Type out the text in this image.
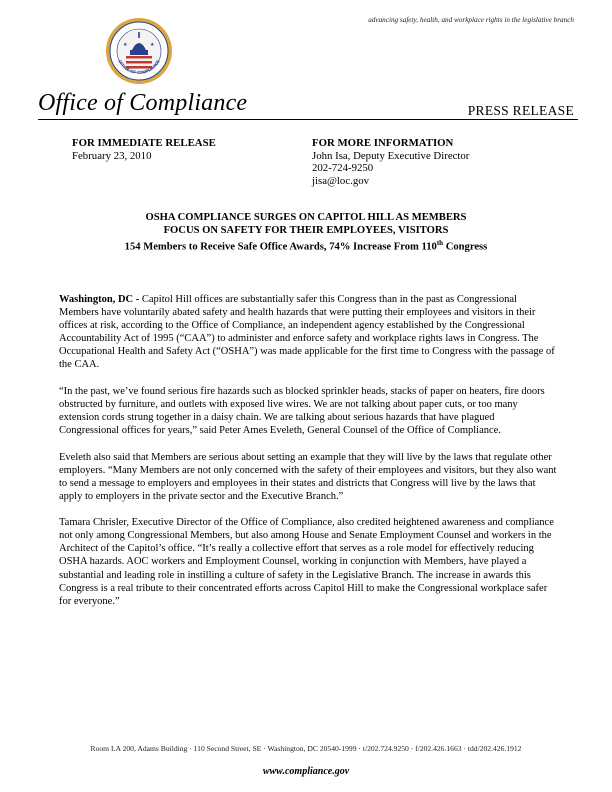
advancing safety, health, and workplace rights in the legislative branch
★	★
OFFICE OF COMPLIANCE
Office of Compliance	PRESS RELEASE
FOR IMMEDIATE RELEASE
February 23, 2010
FOR MORE INFORMATION
John Isa, Deputy Executive Director
202-724-9250
jisa@loc.gov
OSHA COMPLIANCE SURGES ON CAPITOL HILL AS MEMBERS
FOCUS ON SAFETY FOR THEIR EMPLOYEES, VISITORS
154 Members to Receive Safe Office Awards, 74% Increase From 110th Congress

Washington, DC - Capitol Hill offices are substantially safer this Congress than in the past as Congressional Members have voluntarily abated safety and health hazards that were putting their employees and visitors in their offices at risk, according to the Office of Compliance, an independent agency established by the Congressional Accountability Act of 1995 (“CAA”) to administer and enforce safety and workplace rights laws in Congress. The Occupational Health and Safety Act (“OSHA”) was made applicable for the first time to Congress with the passage of the CAA.

“In the past, we’ve found serious fire hazards such as blocked sprinkler heads, stacks of paper on heaters, fire doors obstructed by furniture, and outlets with exposed live wires. We are not talking about paper cuts, or too many extension cords strung together in a daisy chain. We are talking about serious hazards that have plagued Congressional offices for years,” said Peter Ames Eveleth, General Counsel of the Office of Compliance.

Eveleth also said that Members are serious about setting an example that they will live by the laws that regulate other employers. “Many Members are not only concerned with the safety of their employees and visitors, but they also want to send a message to employers and employees in their states and districts that Congress will live by the laws that apply to employers in the private sector and the Executive Branch.”

Tamara Chrisler, Executive Director of the Office of Compliance, also credited heightened awareness and compliance not only among Congressional Members, but also among House and Senate Employment Counsel and workers in the Architect of the Capitol’s office. “It’s really a collective effort that serves as a role model for effectively reducing OSHA hazards. AOC workers and Employment Counsel, working in conjunction with Members, have played a substantial and leading role in instilling a culture of safety in the Legislative Branch. The increase in awards this Congress is a real tribute to their concentrated efforts across Capitol Hill to make the Congressional workplace safer for everyone.”

Room LA 200, Adams Building · 110 Second Street, SE · Washington, DC 20540-1999 · t/202.724.9250 · f/202.426.1663 · tdd/202.426.1912
www.compliance.gov
